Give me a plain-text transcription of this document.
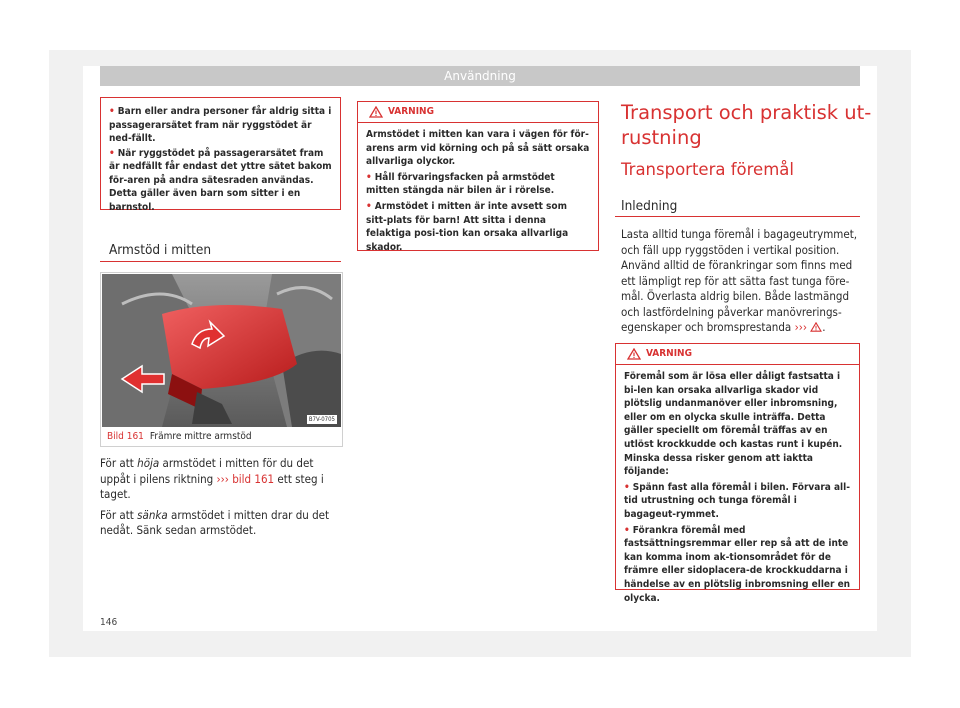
Användning
• Barn eller andra personer får aldrig sitta i passagerarsätet fram när ryggstödet är ned-fällt.
• När ryggstödet på passagerarsätet fram är nedfällt får endast det yttre sätet bakom för-aren på andra sätesraden användas. Detta gäller även barn som sitter i en barnstol.
Armstöd i mitten
B7V-0705
Bild 161 Främre mittre armstöd

För att höja armstödet i mitten för du det uppåt i pilens riktning ››› bild 161 ett steg i taget.

För att sänka armstödet i mitten drar du det nedåt. Sänk sedan armstödet.

VARNING

Armstödet i mitten kan vara i vägen för för-arens arm vid körning och på så sätt orsaka allvarliga olyckor.

• Håll förvaringsfacken på armstödet mitten stängda när bilen är i rörelse.

• Armstödet i mitten är inte avsett som sitt-plats för barn! Att sitta i denna felaktiga posi-tion kan orsaka allvarliga skador.

Transport och praktisk ut-
rustning
Transportera föremål
Inledning

Lasta alltid tunga föremål i bagageutrymmet, och fäll upp ryggstöden i vertikal position. Använd alltid de förankringar som finns med ett lämpligt rep för att sätta fast tunga före-mål. Överlasta aldrig bilen. Både lastmängd och lastfördelning påverkar manövrerings-egenskaper och bromsprestanda ››› .

VARNING

Föremål som är lösa eller dåligt fastsatta i bi-len kan orsaka allvarliga skador vid plötslig undanmanöver eller inbromsning, eller om en olycka skulle inträffa. Detta gäller speciellt om föremål träffas av en utlöst krockkudde och kastas runt i kupén. Minska dessa risker genom att iaktta följande:

• Spänn fast alla föremål i bilen. Förvara all-tid utrustning och tunga föremål i bagageut-rymmet.

• Förankra föremål med fastsättningsremmar eller rep så att de inte kan komma inom ak-tionsområdet för de främre eller sidoplacera-de krockkuddarna i händelse av en plötslig inbromsning eller en olycka.

146
